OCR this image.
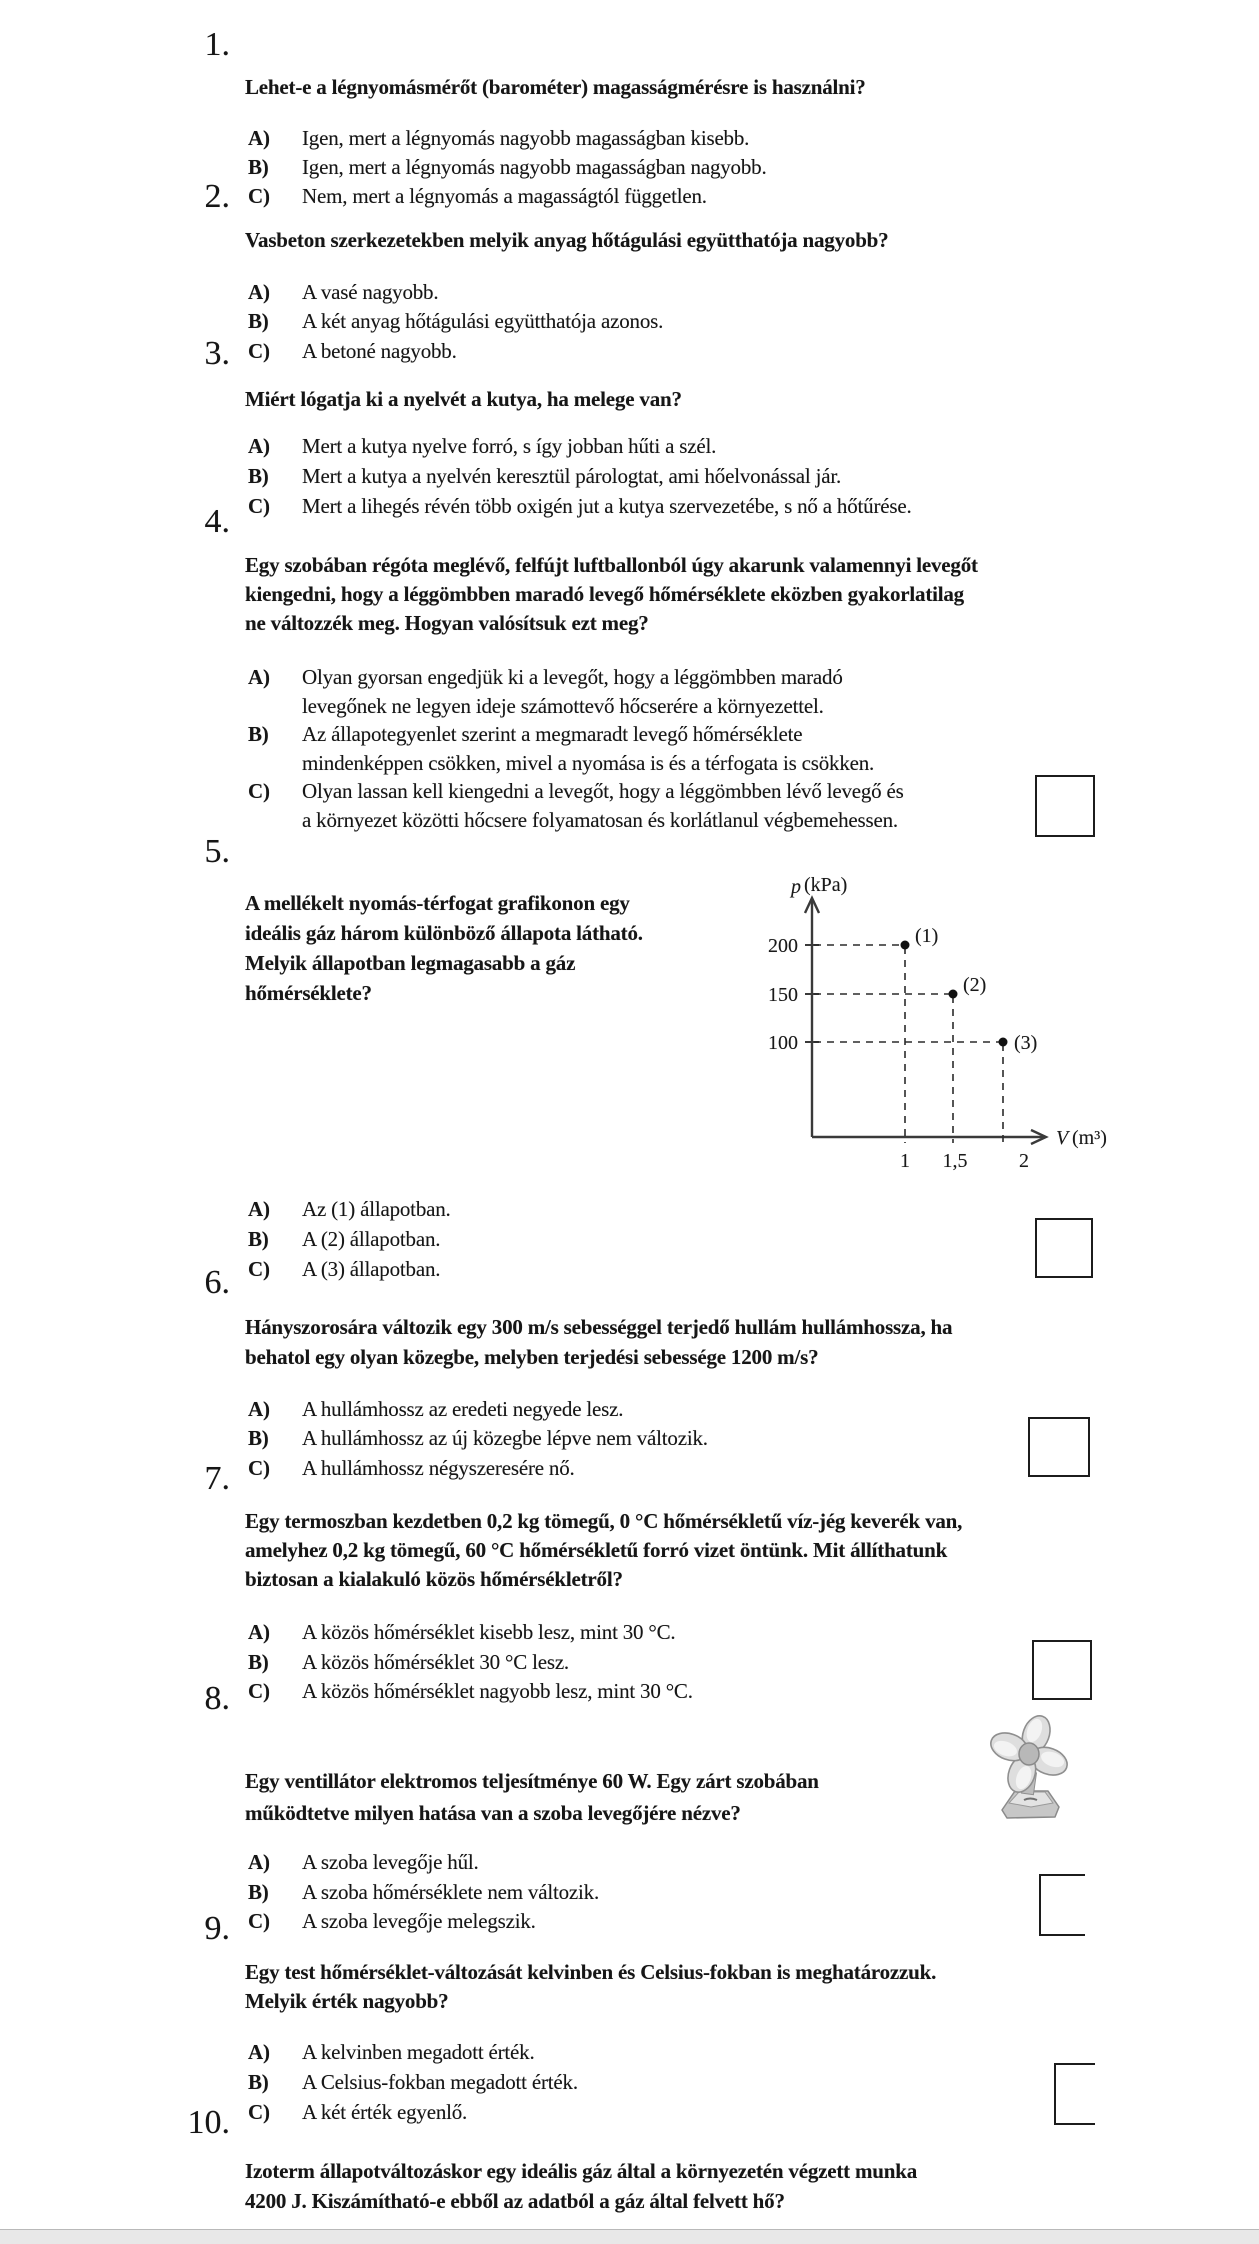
1.
Lehet-e a légnyomásmérőt (barométer) magasságmérésre is használni?
A)	Igen, mert a légnyomás nagyobb magasságban kisebb.
B)	Igen, mert a légnyomás nagyobb magasságban nagyobb.
C)	Nem, mert a légnyomás a magasságtól független.
2.
Vasbeton szerkezetekben melyik anyag hőtágulási együtthatója nagyobb?
A)	A vasé nagyobb.
B)	A két anyag hőtágulási együtthatója azonos.
C)	A betoné nagyobb.
3.
Miért lógatja ki a nyelvét a kutya, ha melege van?
A)	Mert a kutya nyelve forró, s így jobban hűti a szél.
B)	Mert a kutya a nyelvén keresztül párologtat, ami hőelvonással jár.
C)	Mert a lihegés révén több oxigén jut a kutya szervezetébe, s nő a hőtűrése.
4.
Egy szobában régóta meglévő, felfújt luftballonból úgy akarunk valamennyi levegőt
kiengedni, hogy a léggömbben maradó levegő hőmérséklete eközben gyakorlatilag
ne változzék meg. Hogyan valósítsuk ezt meg?
A)	Olyan gyorsan engedjük ki a levegőt, hogy a léggömbben maradó
levegőnek ne legyen ideje számottevő hőcserére a környezettel.
B)	Az állapotegyenlet szerint a megmaradt levegő hőmérséklete
mindenképpen csökken, mivel a nyomása is és a térfogata is csökken.
C)	Olyan lassan kell kiengedni a levegőt, hogy a léggömbben lévő levegő és
a környezet közötti hőcsere folyamatosan és korlátlanul végbemehessen.
5.
A mellékelt nyomás-térfogat grafikonon egy
ideális gáz három különböző állapota látható.
Melyik állapotban legmagasabb a gáz
hőmérséklete?
p (kPa)
V (m³)
200
150
100
1 1,5	2
(1)
(2)
(3)
A)	Az (1) állapotban.
B)	A (2) állapotban.
C)	A (3) állapotban.
6.
Hányszorosára változik egy 300 m/s sebességgel terjedő hullám hullámhossza, ha
behatol egy olyan közegbe, melyben terjedési sebessége 1200 m/s?
A)	A hullámhossz az eredeti negyede lesz.
B)	A hullámhossz az új közegbe lépve nem változik.
C)	A hullámhossz négyszeresére nő.
7.
Egy termoszban kezdetben 0,2 kg tömegű, 0 °C hőmérsékletű víz-jég keverék van,
amelyhez 0,2 kg tömegű, 60 °C hőmérsékletű forró vizet öntünk. Mit állíthatunk
biztosan a kialakuló közös hőmérsékletről?
A)	A közös hőmérséklet kisebb lesz, mint 30 °C.
B)	A közös hőmérséklet 30 °C lesz.
C)	A közös hőmérséklet nagyobb lesz, mint 30 °C.
8.
Egy ventillátor elektromos teljesítménye 60 W. Egy zárt szobában
működtetve milyen hatása van a szoba levegőjére nézve?
A)	A szoba levegője hűl.
B)	A szoba hőmérséklete nem változik.
C)	A szoba levegője melegszik.
9.
Egy test hőmérséklet-változását kelvinben és Celsius-fokban is meghatározzuk.
Melyik érték nagyobb?
A)	A kelvinben megadott érték.
B)	A Celsius-fokban megadott érték.
C)	A két érték egyenlő.
10.
Izoterm állapotváltozáskor egy ideális gáz által a környezetén végzett munka
4200 J. Kiszámítható-e ebből az adatból a gáz által felvett hő?
